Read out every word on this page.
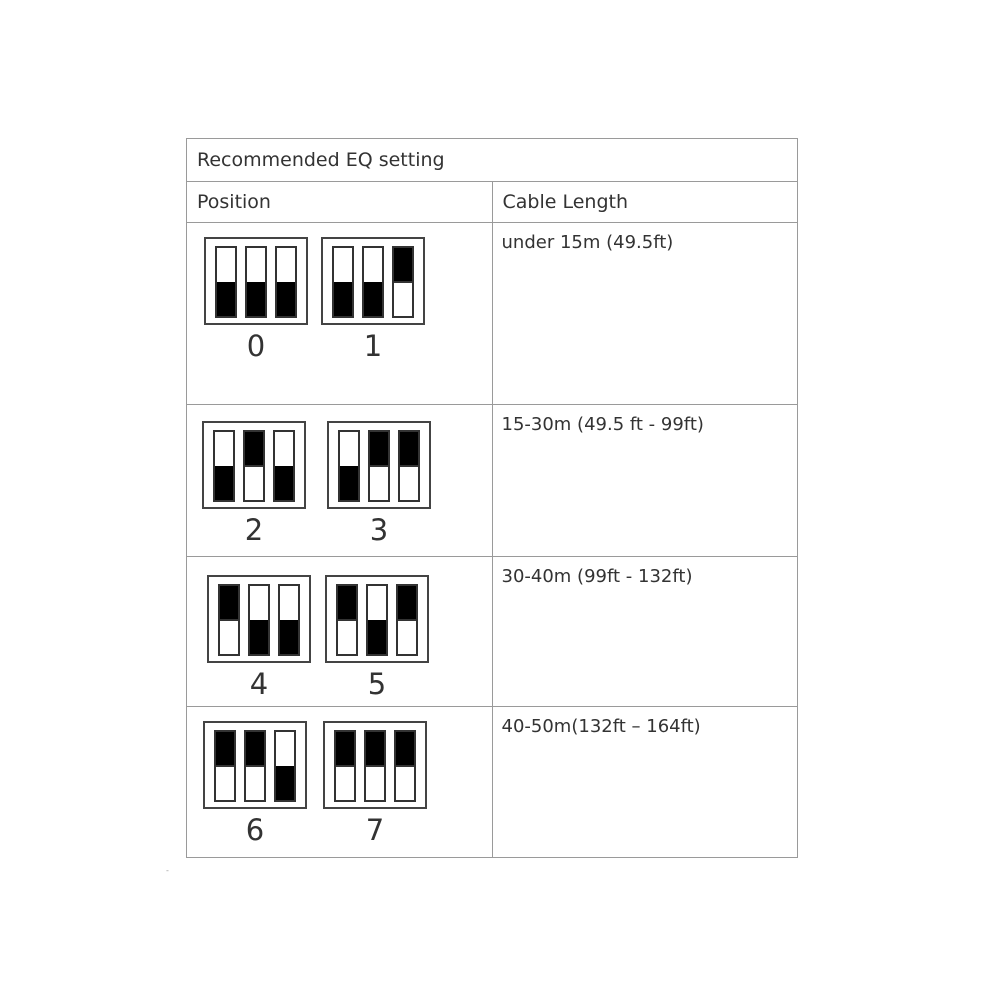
Recommended EQ setting	
Position	Cable Length

0 1	under 15m (49.5ft)

2 3	15-30m (49.5 ft - 99ft)

4 5	30-40m (99ft - 132ft)

6 7	40-50m(132ft – 164ft)
-
